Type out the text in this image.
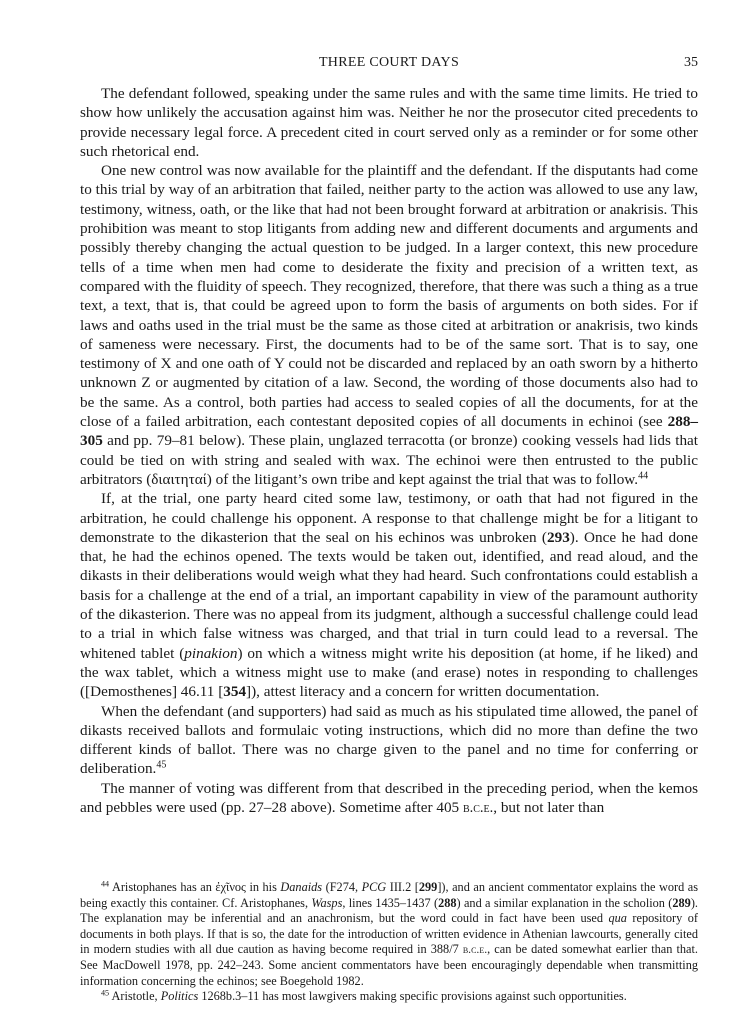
THREE COURT DAYS	35

The defendant followed, speaking under the same rules and with the same time limits. He tried to show how unlikely the accusation against him was. Neither he nor the prosecutor cited precedents to provide necessary legal force. A precedent cited in court served only as a reminder or for some other such rhetorical end.

One new control was now available for the plaintiff and the defendant. If the disputants had come to this trial by way of an arbitration that failed, neither party to the action was allowed to use any law, testimony, witness, oath, or the like that had not been brought forward at arbitration or anakrisis. This prohibition was meant to stop litigants from adding new and different documents and arguments and possibly thereby changing the actual question to be judged. In a larger context, this new procedure tells of a time when men had come to desiderate the fixity and precision of a written text, as compared with the fluidity of speech. They recognized, therefore, that there was such a thing as a true text, a text, that is, that could be agreed upon to form the basis of arguments on both sides. For if laws and oaths used in the trial must be the same as those cited at arbitration or anakrisis, two kinds of sameness were necessary. First, the documents had to be of the same sort. That is to say, one testimony of X and one oath of Y could not be discarded and replaced by an oath sworn by a hitherto unknown Z or augmented by citation of a law. Second, the wording of those documents also had to be the same. As a control, both parties had access to sealed copies of all the documents, for at the close of a failed arbitration, each contestant deposited copies of all documents in echinoi (see 288–305 and pp. 79–81 below). These plain, unglazed terracotta (or bronze) cooking vessels had lids that could be tied on with string and sealed with wax. The echinoi were then entrusted to the public arbitrators (διαιτηταί) of the litigant’s own tribe and kept against the trial that was to follow.$^{44}$

If, at the trial, one party heard cited some law, testimony, or oath that had not figured in the arbitration, he could challenge his opponent. A response to that challenge might be for a litigant to demonstrate to the dikasterion that the seal on his echinos was unbroken (293). Once he had done that, he had the echinos opened. The texts would be taken out, identified, and read aloud, and the dikasts in their deliberations would weigh what they had heard. Such confrontations could establish a basis for a challenge at the end of a trial, an important capability in view of the paramount authority of the dikasterion. There was no appeal from its judgment, although a successful challenge could lead to a trial in which false witness was charged, and that trial in turn could lead to a reversal. The whitened tablet (pinakion) on which a witness might write his deposition (at home, if he liked) and the wax tablet, which a witness might use to make (and erase) notes in responding to challenges ([Demosthenes] 46.11 [354]), attest literacy and a concern for written documentation.

When the defendant (and supporters) had said as much as his stipulated time allowed, the panel of dikasts received ballots and formulaic voting instructions, which did no more than define the two different kinds of ballot. There was no charge given to the panel and no time for conferring or deliberation.$^{45}$

The manner of voting was different from that described in the preceding period, when the kemos and pebbles were used (pp. 27–28 above). Sometime after 405 b.c.e., but not later than

$^{44}$ Aristophanes has an ἐχῖνος in his Danaids (F274, PCG III.2 [299]), and an ancient commentator explains the word as being exactly this container. Cf. Aristophanes, Wasps, lines 1435–1437 (288) and a similar explanation in the scholion (289). The explanation may be inferential and an anachronism, but the word could in fact have been used qua repository of documents in both plays. If that is so, the date for the introduction of written evidence in Athenian lawcourts, generally cited in modern studies with all due caution as having become required in 388/7 b.c.e., can be dated somewhat earlier than that. See MacDowell 1978, pp. 242–243. Some ancient commentators have been encouragingly dependable when transmitting information concerning the echinos; see Boegehold 1982.

$^{45}$ Aristotle, Politics 1268b.3–11 has most lawgivers making specific provisions against such opportunities.
